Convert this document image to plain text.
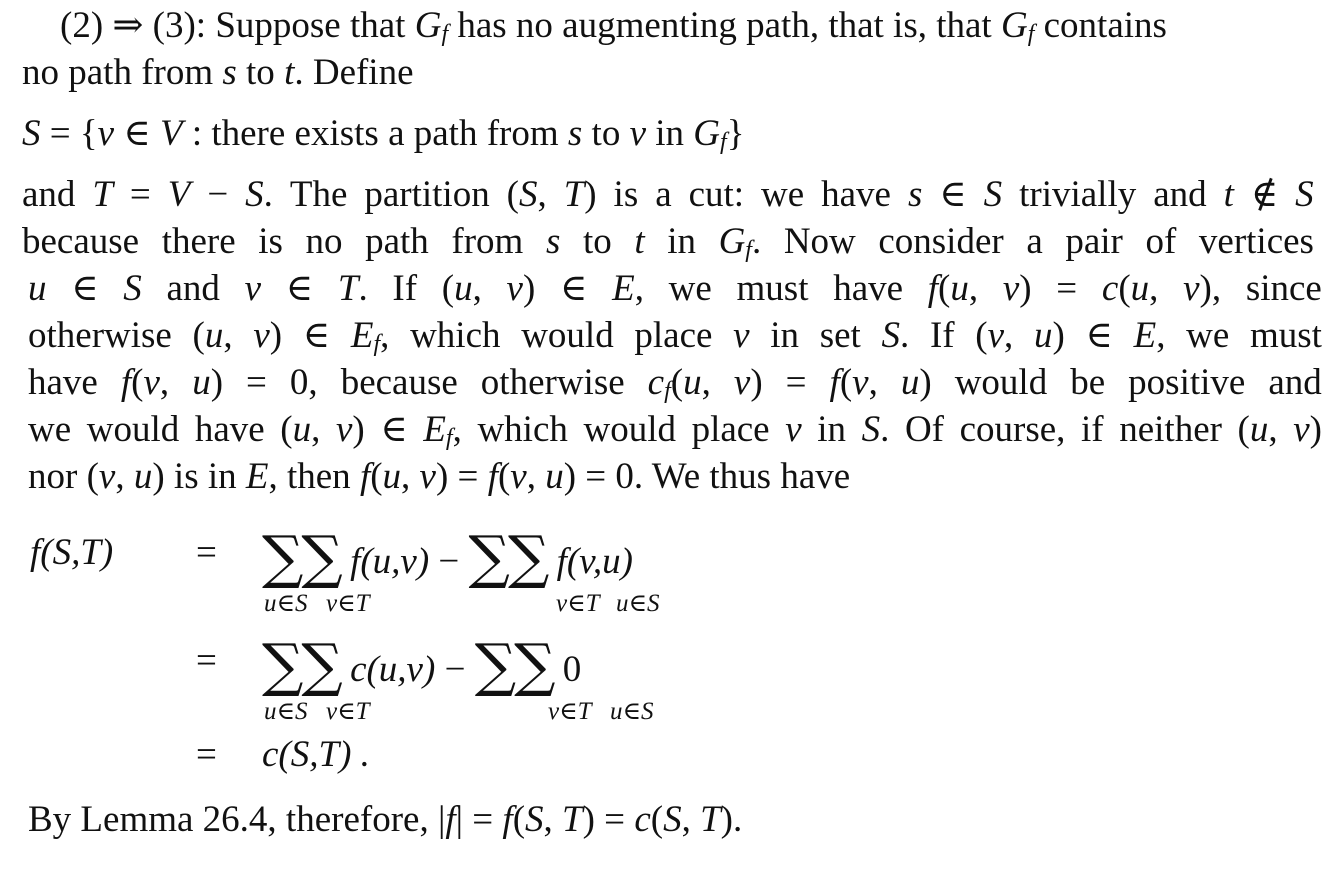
(2) ⇒ (3): Suppose that $G_f$ has no augmenting path, that is, that $G_f$ contains
no path from s to t. Define
S = {v ∈ V : there exists a path from s to v in $G_f$}
and T = V − S. The partition (S, T) is a cut: we have s ∈ S trivially and t ∉ S
because there is no path from s to t in $G_f$. Now consider a pair of vertices
u ∈ S and v ∈ T. If (u, v) ∈ E, we must have f(u, v) = c(u, v), since
otherwise (u, v) ∈ $E_f$, which would place v in set S. If (v, u) ∈ E, we must
have f(v, u) = 0, because otherwise $c_f(u$, v) = f(v, u) would be positive and
we would have (u, v) ∈ $E_f$, which would place v in S. Of course, if neither (u, v)
nor (v, u) is in E, then f(u, v) = f(v, u) = 0. We thus have
f(S,T) = ∑∑ f(u,v) − ∑∑ f(v,u)
u∈S v∈T	v∈T u∈S
= ∑∑ c(u,v) − ∑∑ 0
u∈S v∈T	v∈T u∈S
= c(S,T) .
By Lemma 26.4, therefore, |f| = f(S, T) = c(S, T).
